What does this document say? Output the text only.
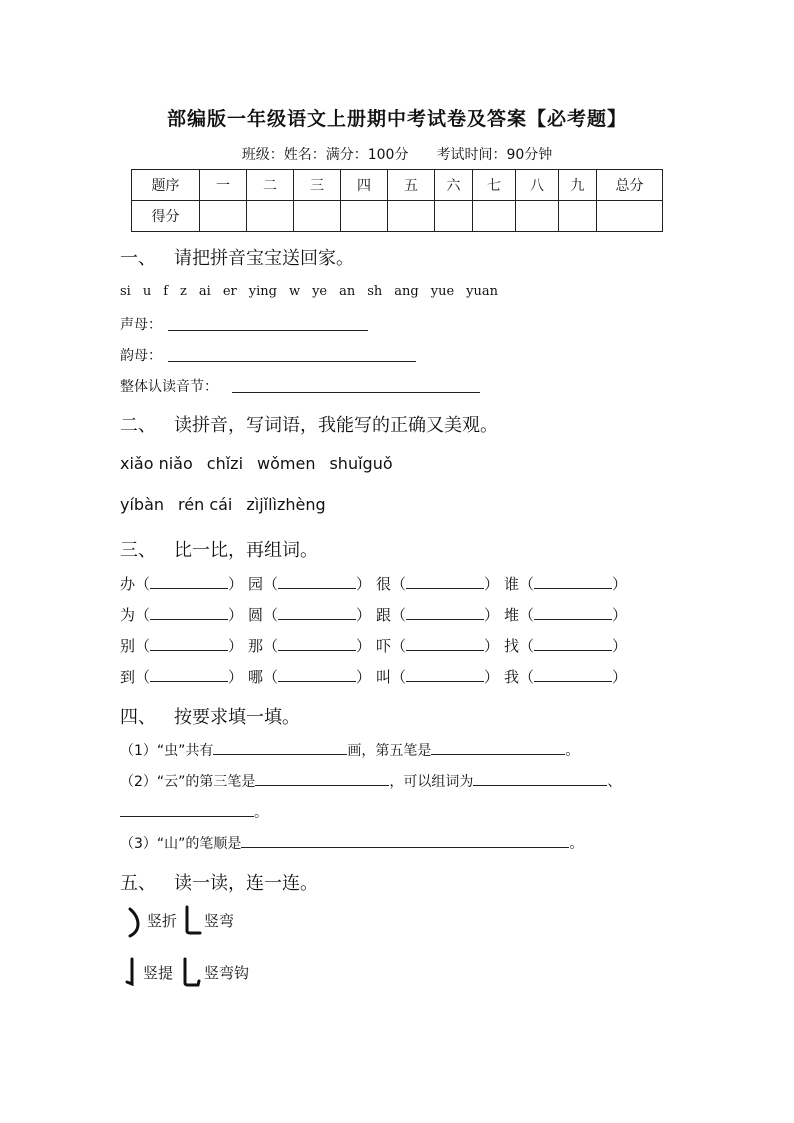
部编版一年级语文上册期中考试卷及答案【必考题】
班级：姓名：满分：100分　　考试时间：90分钟
题序	一	二	三	四	五	六	七	八	九	总分
得分										
一、 请把拼音宝宝送回家。
si u f z ai er ying w ye an sh ang yue yuan
声母：
韵母：
整体认读音节：
二、 读拼音，写词语，我能写的正确又美观。
xiǎo niǎo chǐzi wǒmen shuǐguǒ
yíbàn rén cái zìjǐlìzhèng
三、 比一比，再组词。
办（	） 园（	） 很（	） 谁（	）
为（	） 圆（	） 跟（	） 堆（	）
别（	） 那（	） 吓（	） 找（	）
到（	） 哪（	） 叫（	） 我（	）
四、 按要求填一填。
（1）“虫”共有	画，第五笔是	。
（2）“云”的第三笔是	，可以组词为	、
。
（3）“山”的笔顺是	。
五、 读一读，连一连。
竖折 竖弯
竖提 竖弯钩
